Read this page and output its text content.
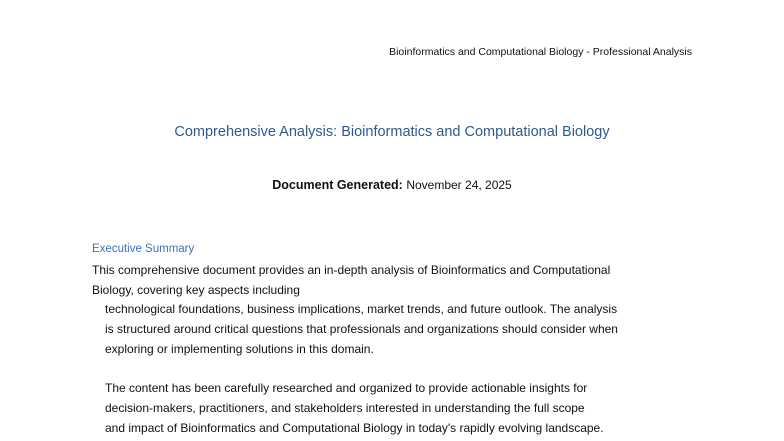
Bioinformatics and Computational Biology - Professional Analysis
Comprehensive Analysis: Bioinformatics and Computational Biology
Document Generated: November 24, 2025
Executive Summary
This comprehensive document provides an in-depth analysis of Bioinformatics and Computational
Biology, covering key aspects including
technological foundations, business implications, market trends, and future outlook. The analysis
is structured around critical questions that professionals and organizations should consider when
exploring or implementing solutions in this domain.
The content has been carefully researched and organized to provide actionable insights for
decision-makers, practitioners, and stakeholders interested in understanding the full scope
and impact of Bioinformatics and Computational Biology in today's rapidly evolving landscape.
